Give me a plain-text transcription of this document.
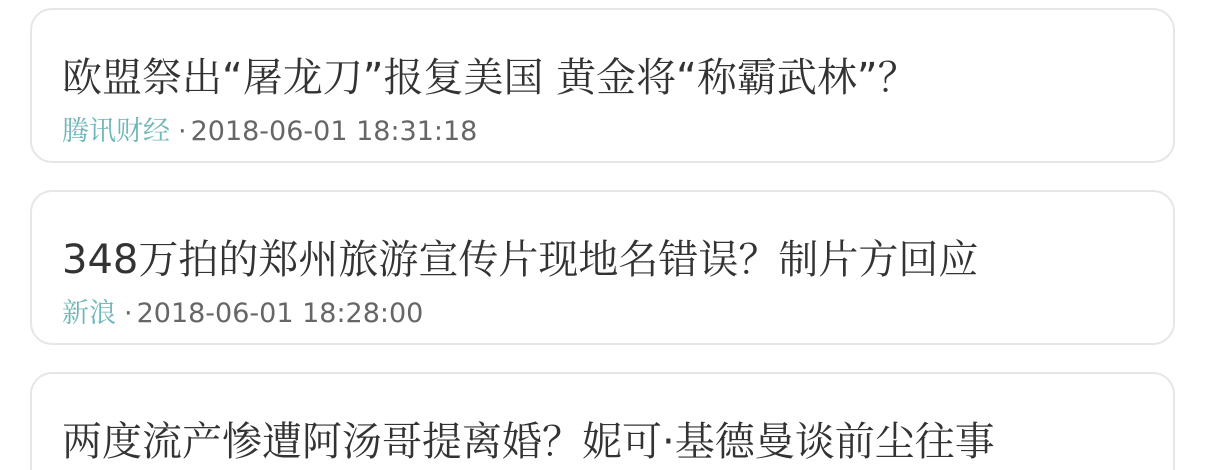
欧盟祭出“屠龙刀”报复美国 黄金将“称霸武林”？
腾讯财经 · 2018-06-01 18:31:18
348万拍的郑州旅游宣传片现地名错误？制片方回应
新浪 · 2018-06-01 18:28:00
两度流产惨遭阿汤哥提离婚？妮可·基德曼谈前尘往事
